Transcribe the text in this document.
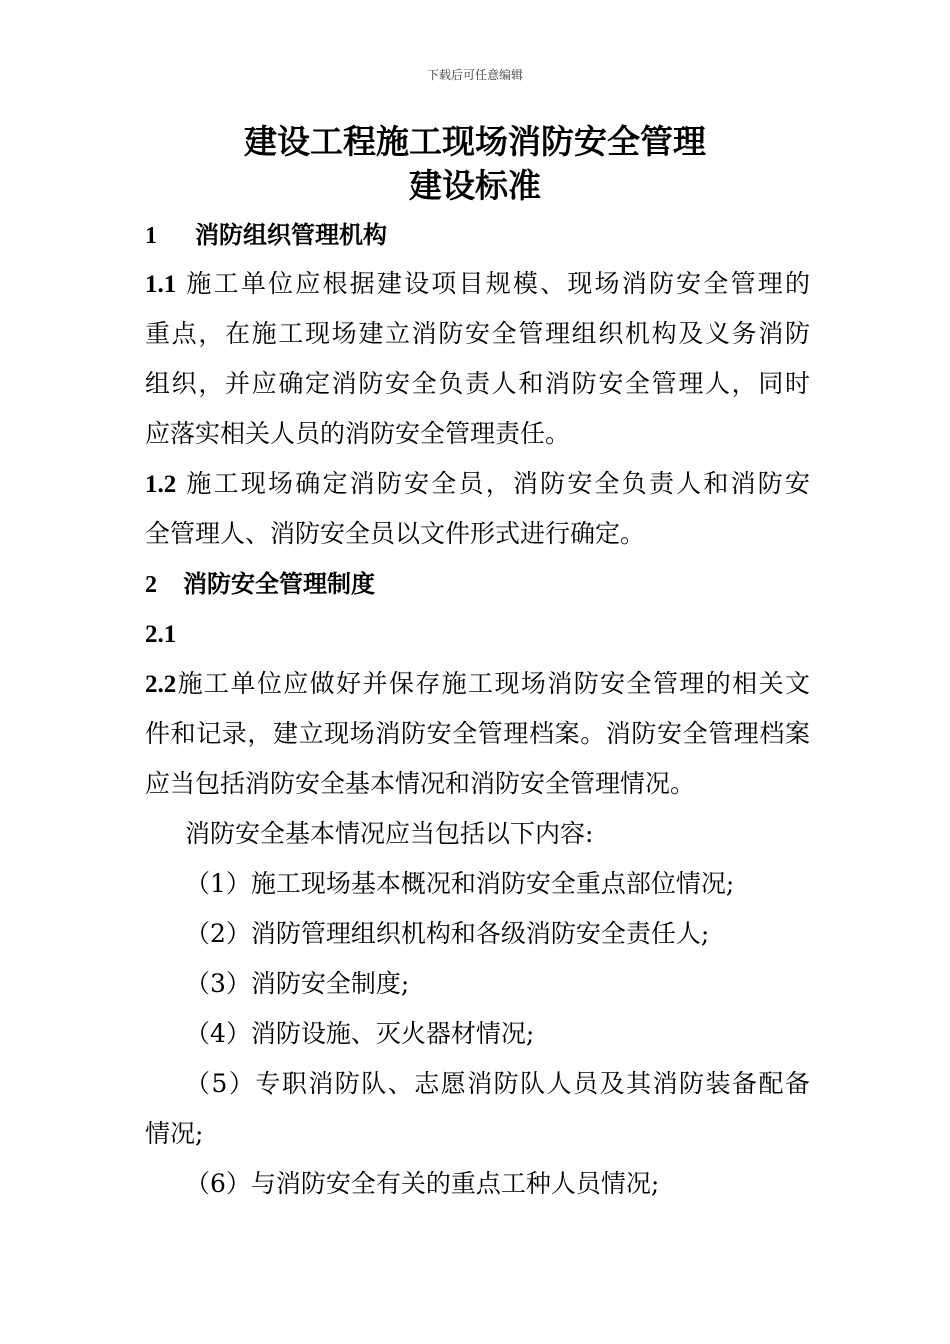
下载后可任意编辑
建设工程施工现场消防安全管理
建设标准
1 消防组织管理机构
1.1 施工单位应根据建设项目规模、现场消防安全管理的
重点，在施工现场建立消防安全管理组织机构及义务消防
组织，并应确定消防安全负责人和消防安全管理人，同时
应落实相关人员的消防安全管理责任。
1.2 施工现场确定消防安全员，消防安全负责人和消防安
全管理人、消防安全员以文件形式进行确定。
2 消防安全管理制度
2.1
2.2施工单位应做好并保存施工现场消防安全管理的相关文
件和记录，建立现场消防安全管理档案。消防安全管理档案
应当包括消防安全基本情况和消防安全管理情况。
消防安全基本情况应当包括以下内容:
（1）施工现场基本概况和消防安全重点部位情况;
（2）消防管理组织机构和各级消防安全责任人;
（3）消防安全制度;
（4）消防设施、灭火器材情况;
（5）专职消防队、志愿消防队人员及其消防装备配备
情况;
（6）与消防安全有关的重点工种人员情况;
